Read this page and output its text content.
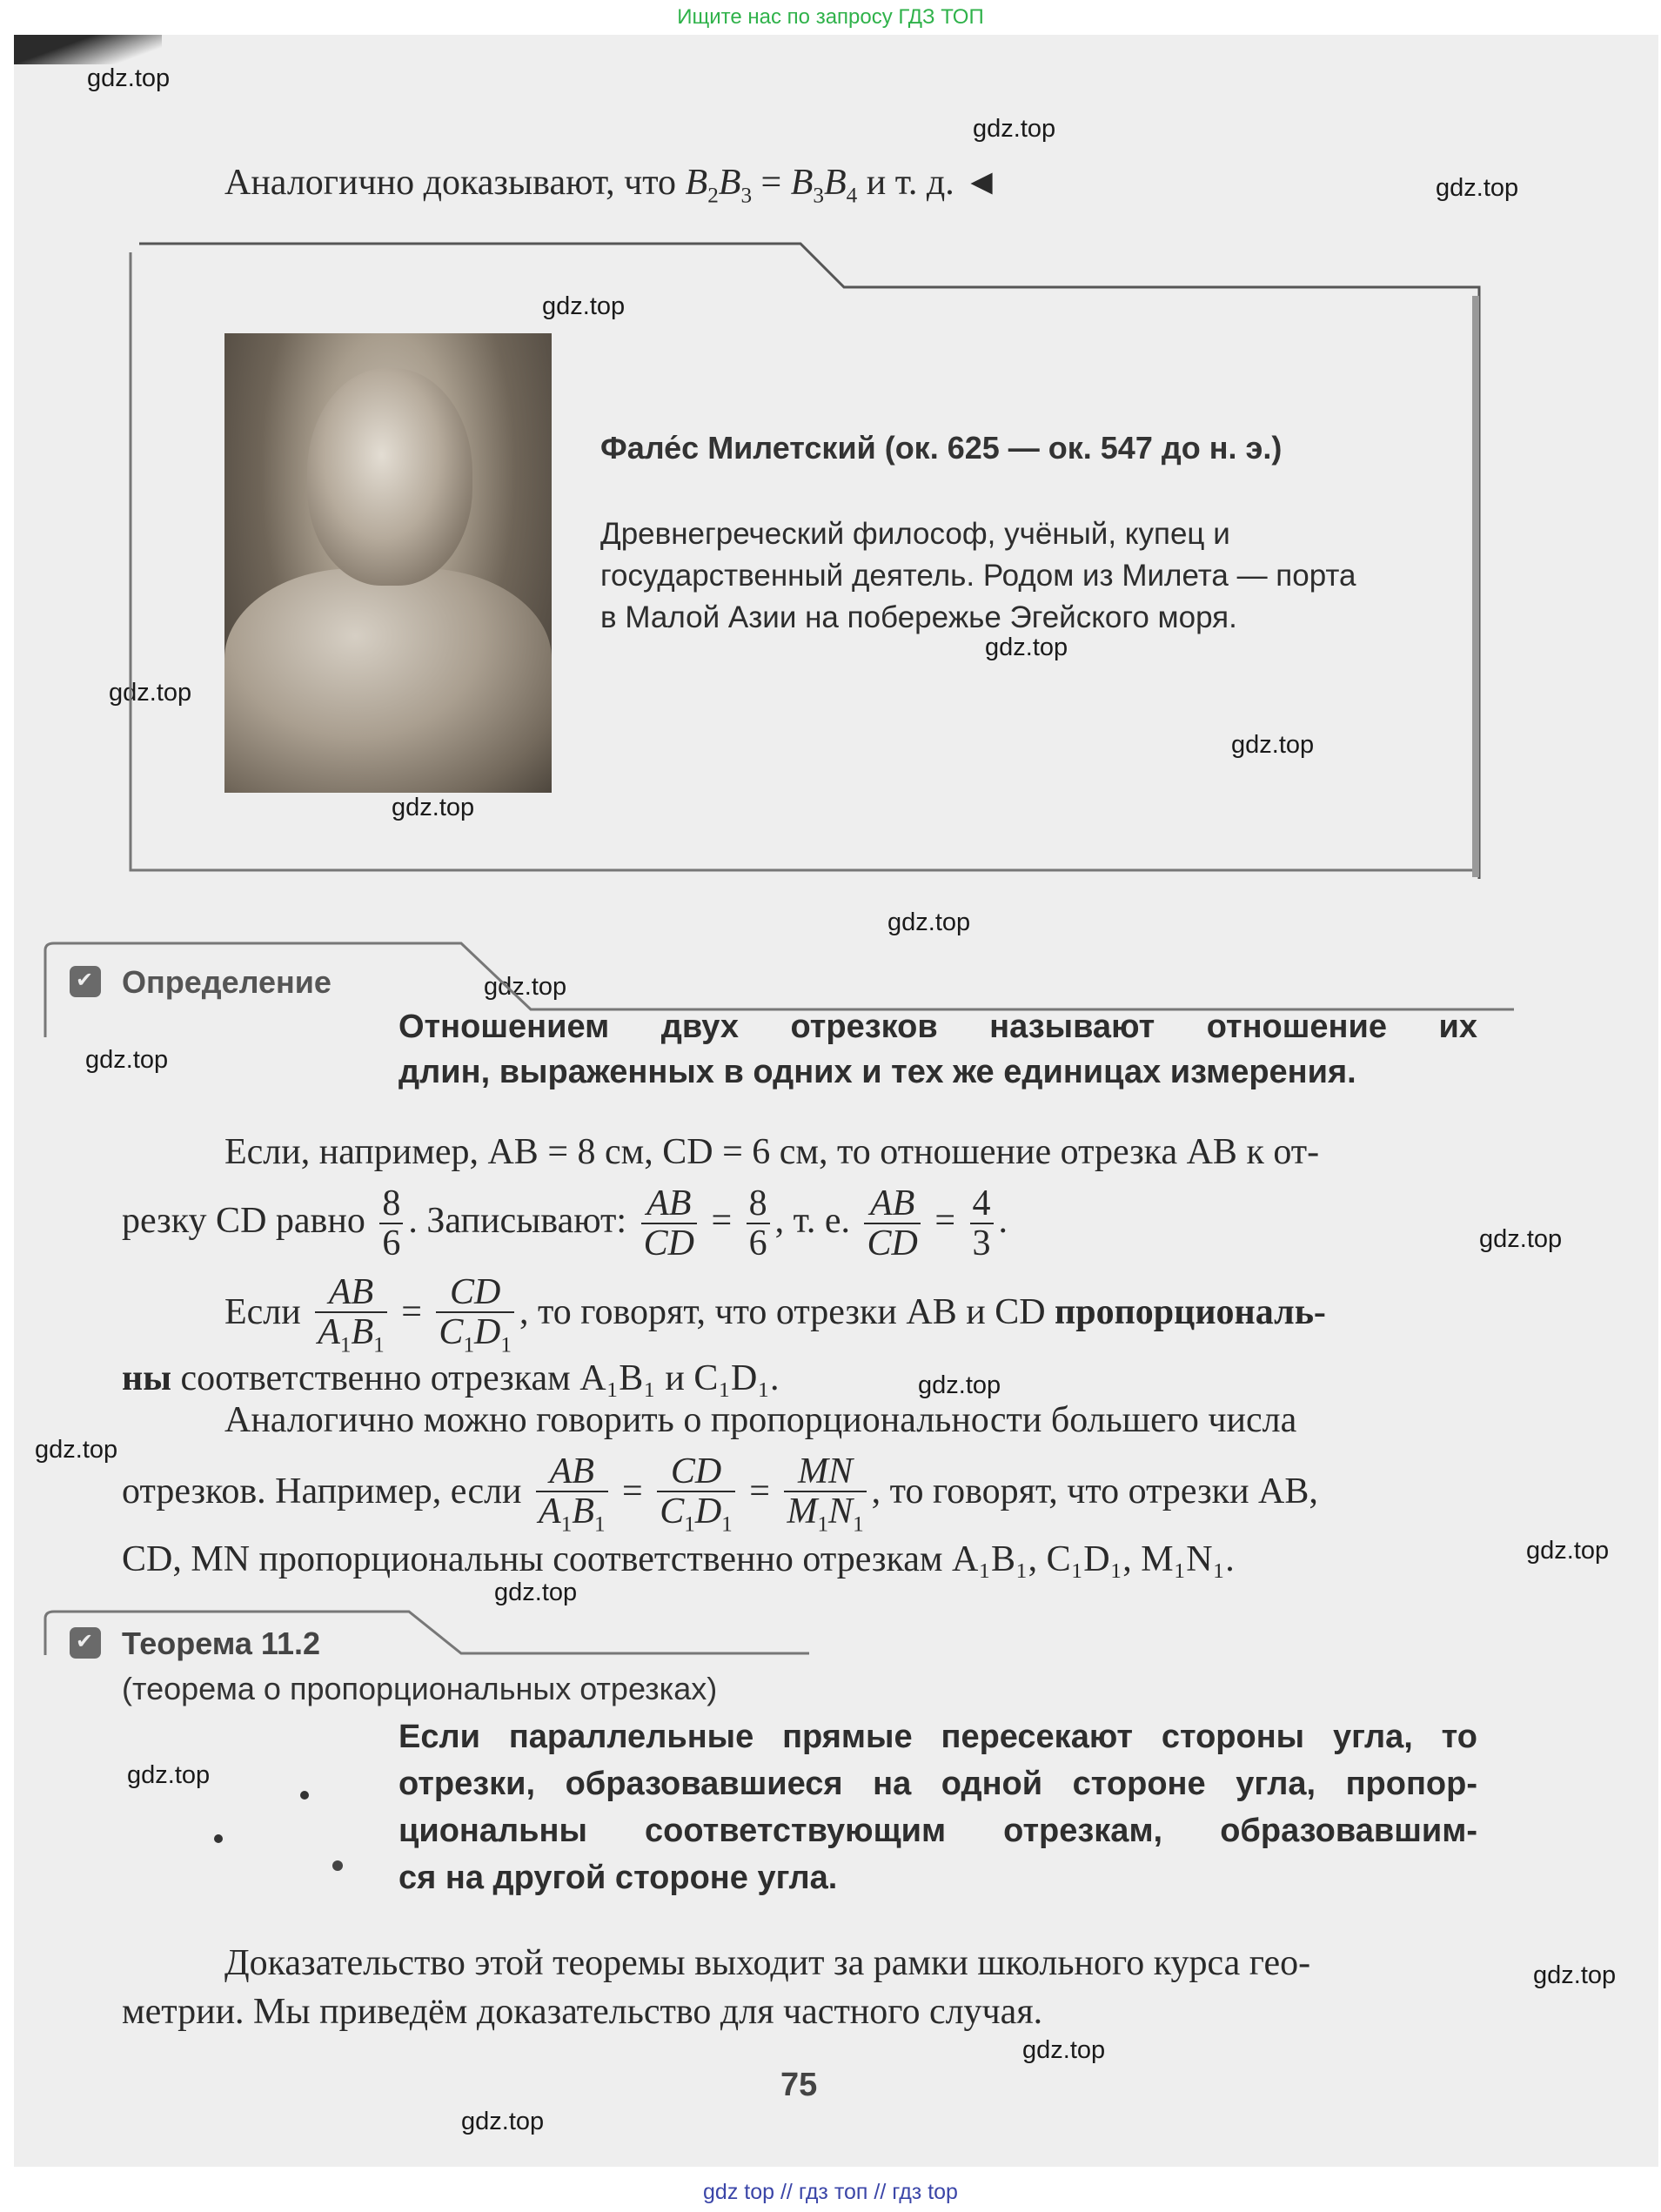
Ищите нас по запросу ГДЗ ТОП
gdz.top
gdz.top
gdz.top
gdz.top
gdz.top
gdz.top
gdz.top
gdz.top
gdz.top
gdz.top
gdz.top
gdz.top
gdz.top
gdz.top
gdz.top
gdz.top
gdz.top
gdz.top
gdz.top
gdz.top
Аналогично доказывают, что $B_2B_3 = B_3B_4$ и т. д. ◄
Фале́с Милетский (ок. 625 — ок. 547 до н. э.)
Древнегреческий философ, учёный, купец и государственный деятель. Родом из Милета — порта в Малой Азии на побережье Эгейского моря.
✔
Определение
Отношением двух отрезков называют отношение их
длин, выраженных в одних и тех же единицах измерения.
Если, например, AB = 8 см, CD = 6 см, то отношение отрезка AB к от-
резку CD равно $\frac{8}{6}$ . Записывают: $\frac{AB}{CD} = \frac{8}{6}$ , т. е. $\frac{AB}{CD} = \frac{4}{3}$ .
Если $\frac{AB}{A_1B_1} = \frac{CD}{C_1D_1}$ , то говорят, что отрезки AB и CD пропорциональ-
ны соответственно отрезкам A₁B₁ и C₁D₁.
Аналогично можно говорить о пропорциональности большего числа
отрезков. Например, если $\frac{AB}{A_1B_1} = \frac{CD}{C_1D_1} = \frac{MN}{M_1N_1}$ , то говорят, что отрезки AB,
CD, MN пропорциональны соответственно отрезкам A₁B₁, C₁D₁, M₁N₁.
✔
Теорема 11.2
(теорема о пропорциональных отрезках)
Если параллельные прямые пересекают стороны угла, то
отрезки, образовавшиеся на одной стороне угла, пропор-
циональны соответствующим отрезкам, образовавшим-
ся на другой стороне угла.
Доказательство этой теоремы выходит за рамки школьного курса гео-
метрии. Мы приведём доказательство для частного случая.
75
gdz top // гдз топ // гдз top
